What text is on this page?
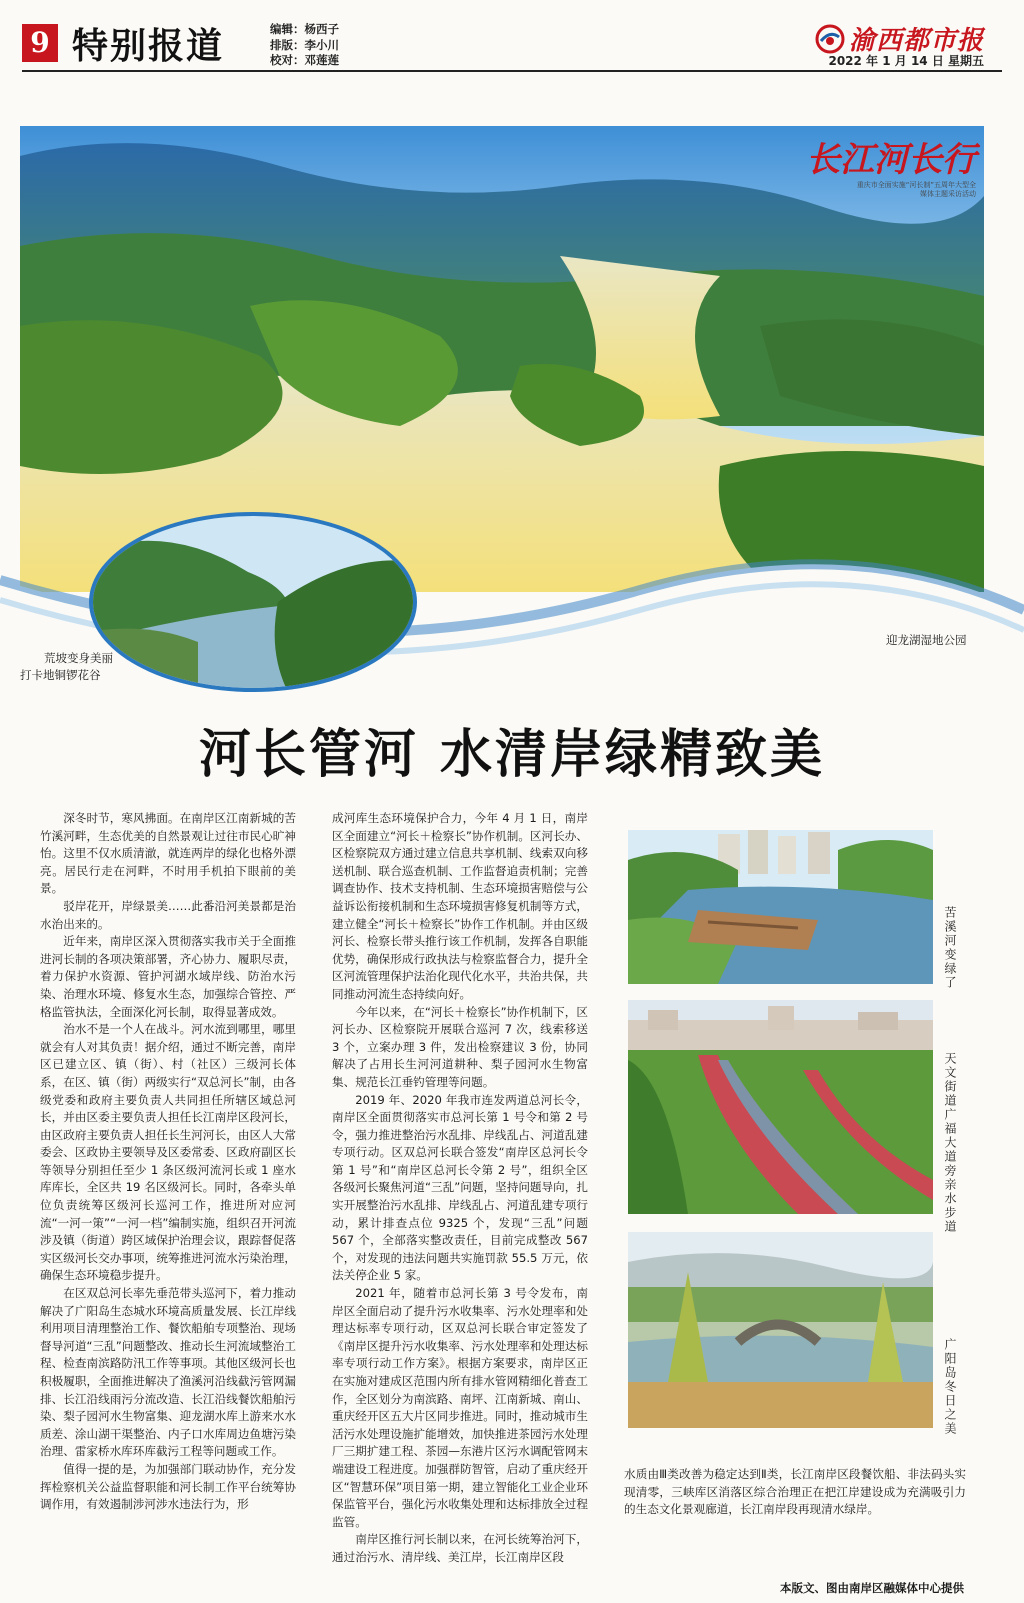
9 特别报道	编辑：杨西子
排版：李小川
校对：邓莲莲
渝西都市报
2022 年 1 月 14 日 星期五
长江河长行
重庆市全面实施“河长制”五周年大型全媒体主题采访活动
荒坡变身美丽
打卡地铜锣花谷
迎龙湖湿地公园
河长管河 水清岸绿精致美

深冬时节，寒风拂面。在南岸区江南新城的苦竹溪河畔，生态优美的自然景观让过往市民心旷神怡。这里不仅水质清澈，就连两岸的绿化也格外漂亮。居民行走在河畔，不时用手机拍下眼前的美景。

驳岸花开，岸绿景美……此番沿河美景都是治水治出来的。

近年来，南岸区深入贯彻落实我市关于全面推进河长制的各项决策部署，齐心协力、履职尽责，着力保护水资源、管护河湖水域岸线、防治水污染、治理水环境、修复水生态，加强综合管控、严格监管执法，全面深化河长制，取得显著成效。

治水不是一个人在战斗。河水流到哪里，哪里就会有人对其负责！据介绍，通过不断完善，南岸区已建立区、镇（街）、村（社区）三级河长体系，在区、镇（街）两级实行“双总河长”制，由各级党委和政府主要负责人共同担任所辖区域总河长，并由区委主要负责人担任长江南岸区段河长，由区政府主要负责人担任长生河河长，由区人大常委会、区政协主要领导及区委常委、区政府副区长等领导分别担任至少 1 条区级河流河长或 1 座水库库长，全区共 19 名区级河长。同时，各牵头单位负责统筹区级河长巡河工作，推进所对应河流“一河一策”“一河一档”编制实施，组织召开河流涉及镇（街道）跨区域保护治理会议，跟踪督促落实区级河长交办事项，统筹推进河流水污染治理，确保生态环境稳步提升。

在区双总河长率先垂范带头巡河下，着力推动解决了广阳岛生态城水环境高质量发展、长江岸线利用项目清理整治工作、餐饮船舶专项整治、现场督导河道“三乱”问题整改、推动长生河流域整治工程、检查南滨路防汛工作等事项。其他区级河长也积极履职，全面推进解决了渔溪河沿线截污管网漏排、长江沿线雨污分流改造、长江沿线餐饮船舶污染、梨子园河水生物富集、迎龙湖水库上游来水水质差、涂山湖干渠整治、内子口水库周边鱼塘污染治理、雷家桥水库环库截污工程等问题或工作。

值得一提的是，为加强部门联动协作，充分发挥检察机关公益监督职能和河长制工作平台统筹协调作用，有效遏制涉河涉水违法行为，形

成河库生态环境保护合力，今年 4 月 1 日，南岸区全面建立“河长＋检察长”协作机制。区河长办、区检察院双方通过建立信息共享机制、线索双向移送机制、联合巡查机制、工作监督追责机制；完善调查协作、技术支持机制、生态环境损害赔偿与公益诉讼衔接机制和生态环境损害修复机制等方式，建立健全“河长＋检察长”协作工作机制。并由区级河长、检察长带头推行该工作机制，发挥各自职能优势，确保形成行政执法与检察监督合力，提升全区河流管理保护法治化现代化水平，共治共保，共同推动河流生态持续向好。

今年以来，在“河长＋检察长”协作机制下，区河长办、区检察院开展联合巡河 7 次，线索移送 3 个，立案办理 3 件，发出检察建议 3 份，协同解决了占用长生河河道耕种、梨子园河水生物富集、规范长江垂钓管理等问题。

2019 年、2020 年我市连发两道总河长令，南岸区全面贯彻落实市总河长第 1 号令和第 2 号令，强力推进整治污水乱排、岸线乱占、河道乱建专项行动。区双总河长联合签发“南岸区总河长令第 1 号”和“南岸区总河长令第 2 号”，组织全区各级河长聚焦河道“三乱”问题，坚持问题导向，扎实开展整治污水乱排、岸线乱占、河道乱建专项行动，累计排查点位 9325 个，发现“三乱”问题 567 个，全部落实整改责任，目前完成整改 567 个，对发现的违法问题共实施罚款 55.5 万元，依法关停企业 5 家。

2021 年，随着市总河长第 3 号令发布，南岸区全面启动了提升污水收集率、污水处理率和处理达标率专项行动，区双总河长联合审定签发了《南岸区提升污水收集率、污水处理率和处理达标率专项行动工作方案》。根据方案要求，南岸区正在实施对建成区范围内所有排水管网精细化普查工作，全区划分为南滨路、南坪、江南新城、南山、重庆经开区五大片区同步推进。同时，推动城市生活污水处理设施扩能增效，加快推进茶园污水处理厂三期扩建工程、茶园—东港片区污水调配管网末端建设工程进度。加强群防智管，启动了重庆经开区“智慧环保”项目第一期，建立智能化工业企业环保监管平台，强化污水收集处理和达标排放全过程监管。

南岸区推行河长制以来，在河长统筹治河下，通过治污水、清岸线、美江岸，长江南岸区段

水质由Ⅲ类改善为稳定达到Ⅱ类，长江南岸区段餐饮船、非法码头实现清零，三峡库区消落区综合治理正在把江岸建设成为充满吸引力的生态文化景观廊道，长江南岸段再现清水绿岸。

苦溪河变绿了
天文街道广福大道旁亲水步道
广阳岛冬日之美
本版文、图由南岸区融媒体中心提供
